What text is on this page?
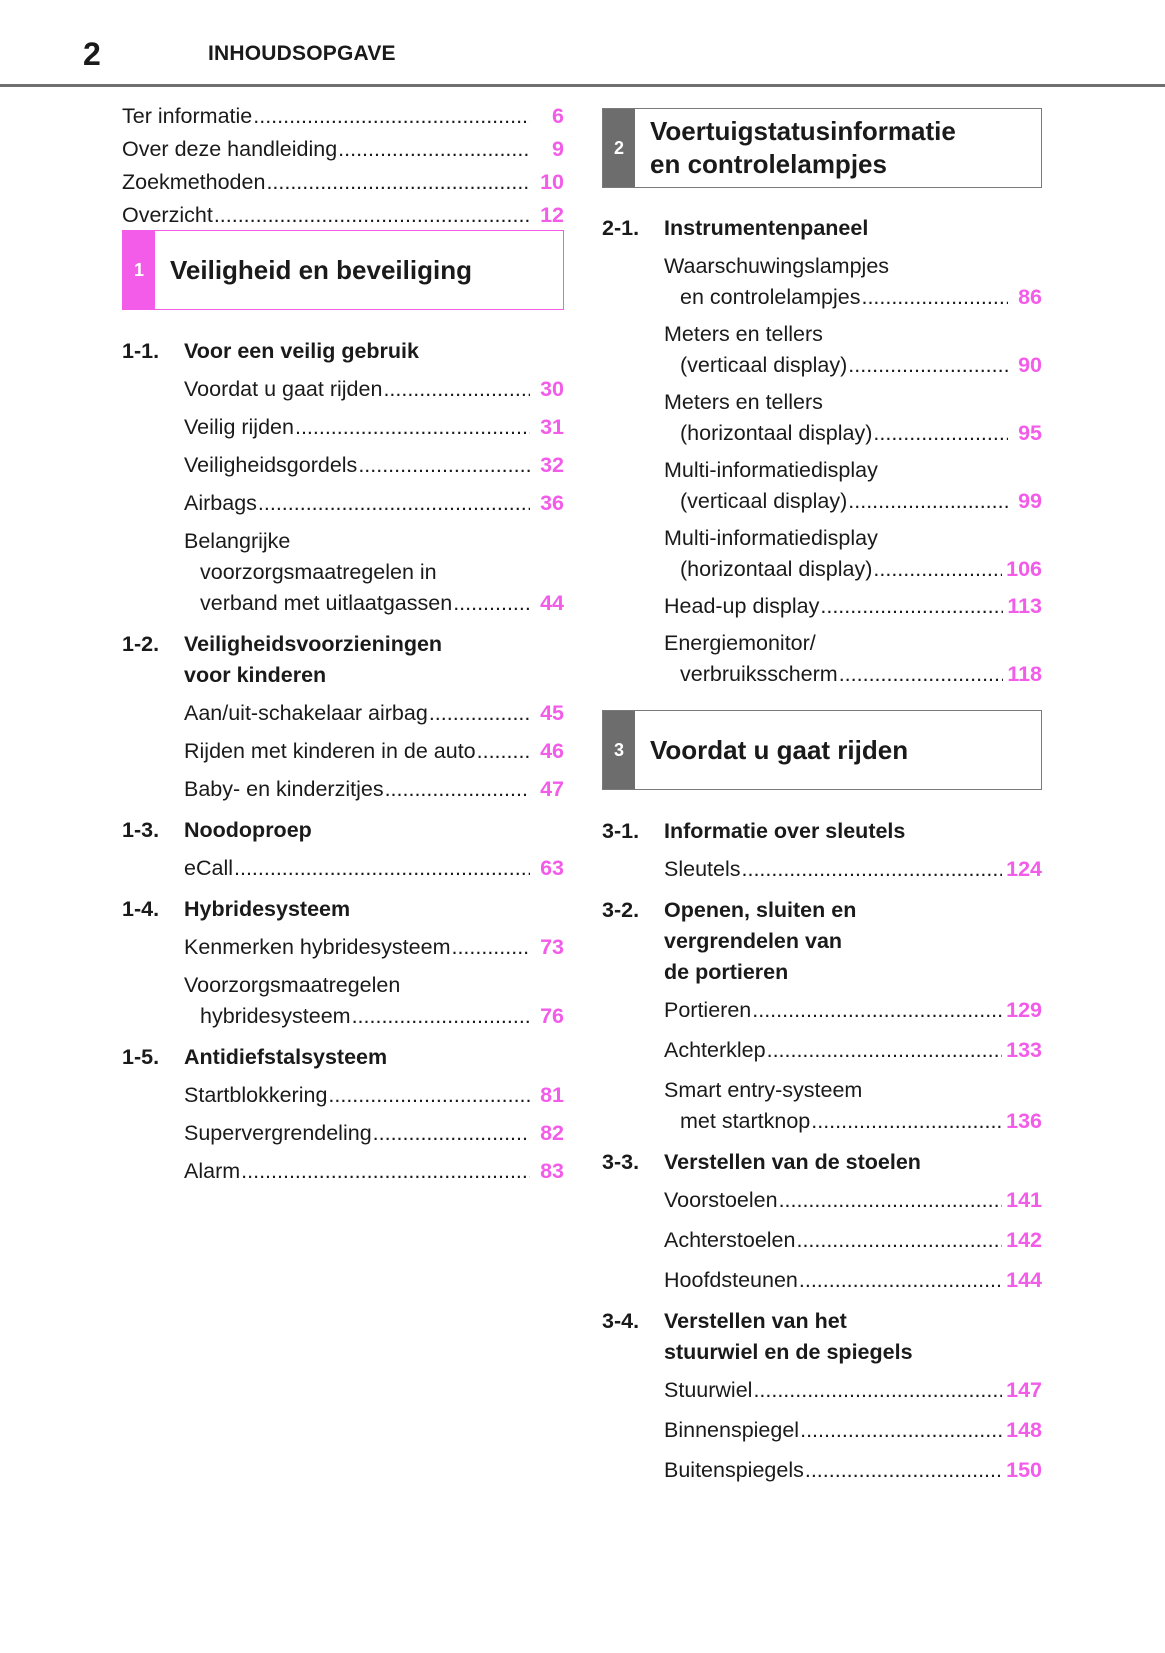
2	INHOUDSOPGAVE
Ter informatie .....	6
Over deze handleiding .....	9
Zoekmethoden .....	10
Overzicht .....	12
1	Veiligheid en beveiliging
1-1.	Voor een veilig gebruik
Voordat u gaat rijden .....	30
Veilig rijden .....	31
Veiligheidsgordels .....	32
Airbags .....	36
Belangrijke
voorzorgsmaatregelen in
verband met uitlaatgassen .....	44
1-2.	Veiligheidsvoorzieningen
voor kinderen
Aan/uit-schakelaar airbag .....	45
Rijden met kinderen in de auto .....	46
Baby- en kinderzitjes .....	47
1-3.	Noodoproep
eCall .....	63
1-4.	Hybridesysteem
Kenmerken hybridesysteem .....	73
Voorzorgsmaatregelen
hybridesysteem .....	76
1-5.	Antidiefstalsysteem
Startblokkering .....	81
Supervergrendeling .....	82
Alarm .....	83
2
Voertuigstatusinformatie
en controlelampjes
2-1.	Instrumentenpaneel
Waarschuwingslampjes
en controlelampjes .....	86
Meters en tellers
(verticaal display) .....	90
Meters en tellers
(horizontaal display) .....	95
Multi-informatiedisplay
(verticaal display) .....	99
Multi-informatiedisplay
(horizontaal display) .....	106
Head-up display .....	113
Energiemonitor/
verbruiksscherm .....	118
3	Voordat u gaat rijden
3-1.	Informatie over sleutels
Sleutels .....	124
3-2.	Openen, sluiten en
vergrendelen van
de portieren
Portieren .....	129
Achterklep .....	133
Smart entry-systeem
met startknop .....	136
3-3.	Verstellen van de stoelen
Voorstoelen .....	141
Achterstoelen .....	142
Hoofdsteunen .....	144
3-4.	Verstellen van het
stuurwiel en de spiegels
Stuurwiel .....	147
Binnenspiegel .....	148
Buitenspiegels .....	150
